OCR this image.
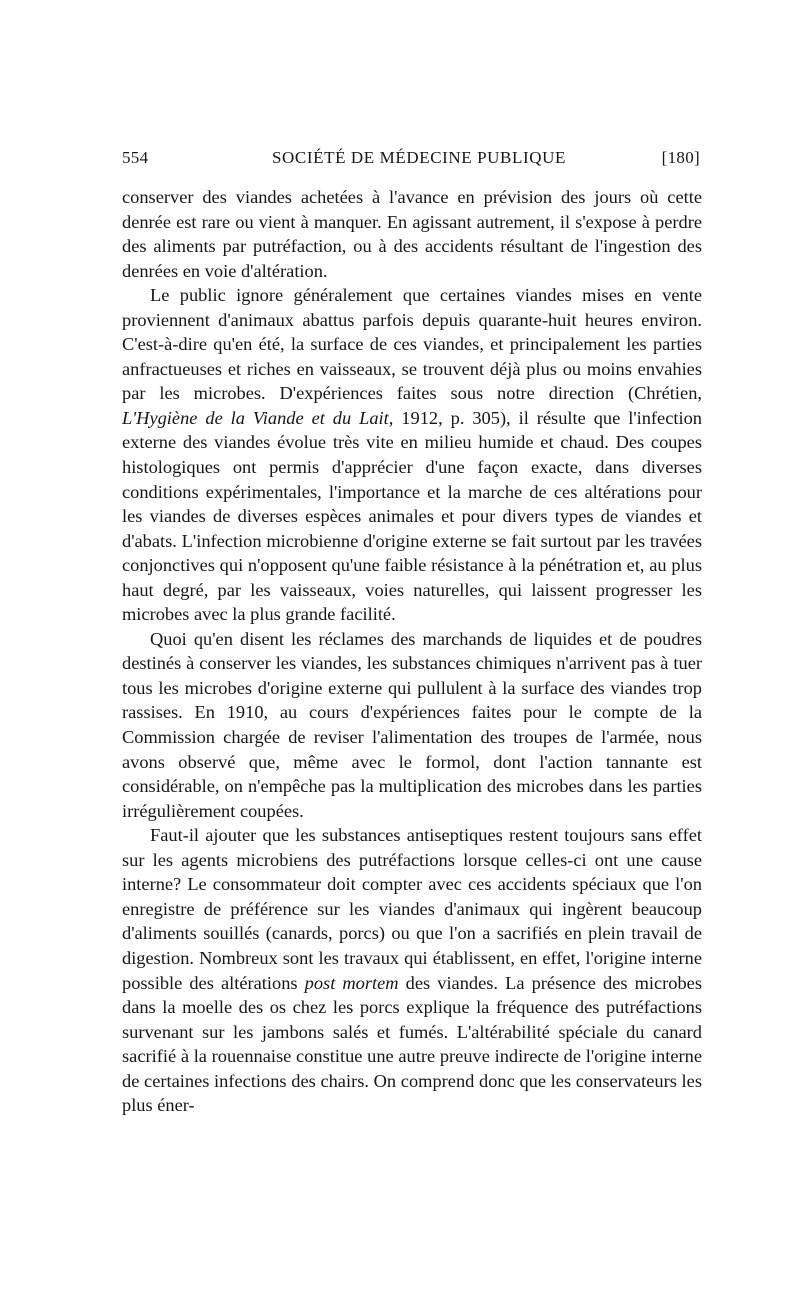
554	SOCIÉTÉ DE MÉDECINE PUBLIQUE	[180]

conserver des viandes achetées à l'avance en prévision des jours où cette denrée est rare ou vient à manquer. En agissant autrement, il s'expose à perdre des aliments par putréfaction, ou à des accidents résultant de l'ingestion des denrées en voie d'altération.

Le public ignore généralement que certaines viandes mises en vente proviennent d'animaux abattus parfois depuis quarante-huit heures environ. C'est-à-dire qu'en été, la surface de ces viandes, et principalement les parties anfractueuses et riches en vaisseaux, se trouvent déjà plus ou moins envahies par les microbes. D'expériences faites sous notre direction (Chrétien, L'Hygiène de la Viande et du Lait, 1912, p. 305), il résulte que l'infection externe des viandes évolue très vite en milieu humide et chaud. Des coupes histologiques ont permis d'apprécier d'une façon exacte, dans diverses conditions expérimentales, l'importance et la marche de ces altérations pour les viandes de diverses espèces animales et pour divers types de viandes et d'abats. L'infection microbienne d'origine externe se fait surtout par les travées conjonctives qui n'opposent qu'une faible résistance à la pénétration et, au plus haut degré, par les vaisseaux, voies naturelles, qui laissent progresser les microbes avec la plus grande facilité.

Quoi qu'en disent les réclames des marchands de liquides et de poudres destinés à conserver les viandes, les substances chimiques n'arrivent pas à tuer tous les microbes d'origine externe qui pullulent à la surface des viandes trop rassises. En 1910, au cours d'expériences faites pour le compte de la Commission chargée de reviser l'alimentation des troupes de l'armée, nous avons observé que, même avec le formol, dont l'action tannante est considérable, on n'empêche pas la multiplication des microbes dans les parties irrégulièrement coupées.

Faut-il ajouter que les substances antiseptiques restent toujours sans effet sur les agents microbiens des putréfactions lorsque celles-ci ont une cause interne? Le consommateur doit compter avec ces accidents spéciaux que l'on enregistre de préférence sur les viandes d'animaux qui ingèrent beaucoup d'aliments souillés (canards, porcs) ou que l'on a sacrifiés en plein travail de digestion. Nombreux sont les travaux qui établissent, en effet, l'origine interne possible des altérations post mortem des viandes. La présence des microbes dans la moelle des os chez les porcs explique la fréquence des putréfactions survenant sur les jambons salés et fumés. L'altérabilité spéciale du canard sacrifié à la rouennaise constitue une autre preuve indirecte de l'origine interne de certaines infections des chairs. On comprend donc que les conservateurs les plus éner-
